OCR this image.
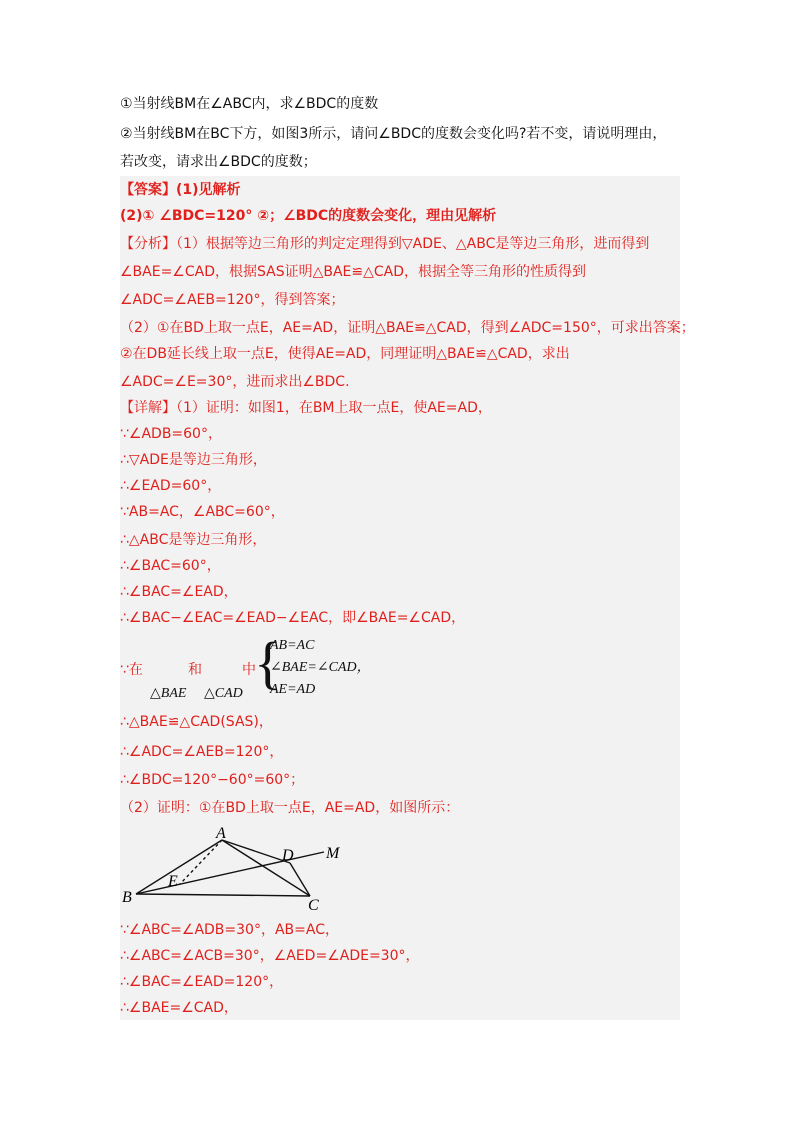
①当射线BM在∠ABC内，求∠BDC的度数
②当射线BM在BC下方，如图3所示，请问∠BDC的度数会变化吗?若不变，请说明理由，
若改变，请求出∠BDC的度数；
【答案】(1)见解析
(2)① ∠BDC=120° ②；∠BDC的度数会变化，理由见解析
【分析】（1）根据等边三角形的判定定理得到▽ADE、△ABC是等边三角形，进而得到
∠BAE=∠CAD，根据SAS证明△BAE≌△CAD，根据全等三角形的性质得到
∠ADC=∠AEB=120°，得到答案；
（2）①在BD上取一点E，AE=AD，证明△BAE≌△CAD，得到∠ADC=150°，可求出答案；
②在DB延长线上取一点E，使得AE=AD，同理证明△BAE≌△CAD，求出
∠ADC=∠E=30°，进而求出∠BDC.
【详解】（1）证明：如图1，在BM上取一点E，使AE=AD，
∵∠ADB=60°，
∴▽ADE是等边三角形，
∴∠EAD=60°，
∵AB=AC，∠ABC=60°，
∴△ABC是等边三角形，
∴∠BAC=60°，
∴∠BAC=∠EAD，
∴∠BAC−∠EAC=∠EAD−∠EAC，即∠BAE=∠CAD，
∵在	和	中
△BAE △CAD {
AB=AC
∠BAE=∠CAD，
AE=AD
∴△BAE≌△CAD(SAS)，
∴∠ADC=∠AEB=120°，
∴∠BDC=120°−60°=60°；
（2）证明：①在BD上取一点E，AE=AD，如图所示：
A
B	C
D
E
M
∵∠ABC=∠ADB=30°，AB=AC，
∴∠ABC=∠ACB=30°，∠AED=∠ADE=30°，
∴∠BAC=∠EAD=120°，
∴∠BAE=∠CAD，
